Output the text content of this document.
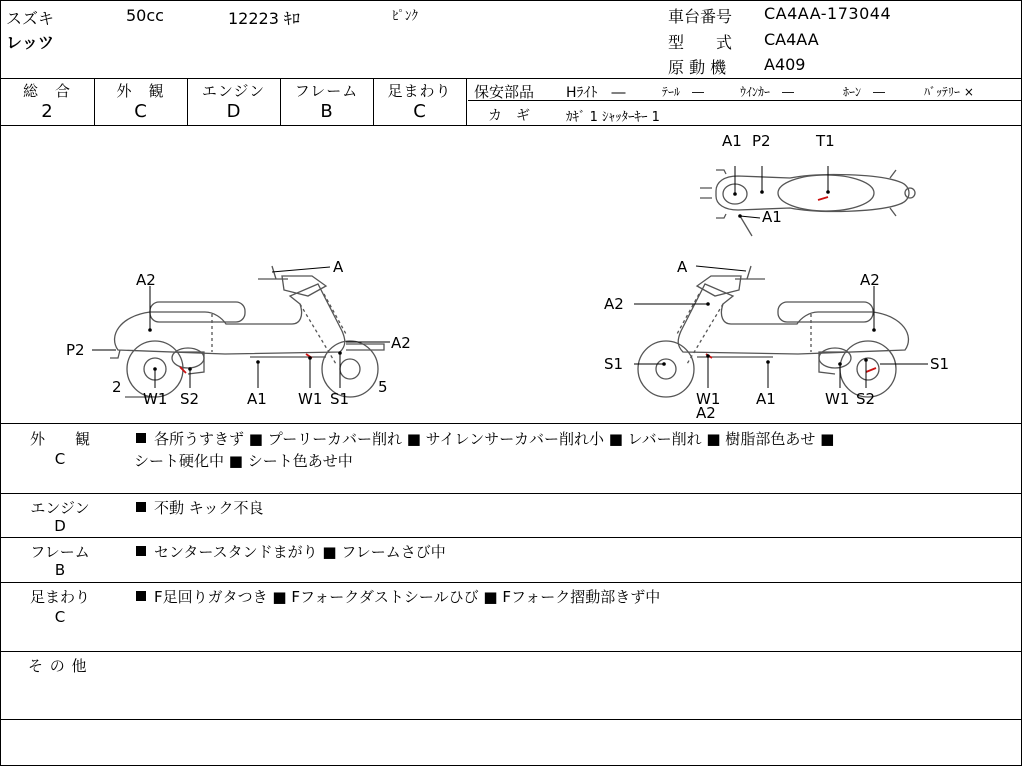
スズキ	50cc	12223 ｷﾛ	ﾋﾟﾝｸ
レッツ
車台番号 CA4AA-173044
型　　式 CA4AA
原 動 機 A409
総　合
2
外　観
C
エンジン
D
フレーム
B
足まわり
C
保安部品 Hﾗｲﾄ　―	ﾃｰﾙ　―	ｳｲﾝｶｰ　―	ﾎｰﾝ　―	ﾊﾞｯﾃﾘｰ ×
カ　ギ	ｶｷﾞ 1 ｼｬｯﾀｰｷｰ 1
A
A2
P2	A2
2
W1 S2	A1 W1 S1
5
A
A2
A2
S1
W1
A2
A1	W1 S2
S1
A1 P2	T1
A1
外　　観
C
各所うすきず ■ プーリーカバー削れ ■ サイレンサーカバー削れ小 ■ レバー削れ ■ 樹脂部色あせ ■
シート硬化中 ■ シート色あせ中
エンジン
D
不動 キック不良
フレーム
B
センタースタンドまがり ■ フレームさび中
足まわり
C
F足回りガタつき ■ Fフォークダストシールひび ■ Fフォーク摺動部きず中
そ の 他
